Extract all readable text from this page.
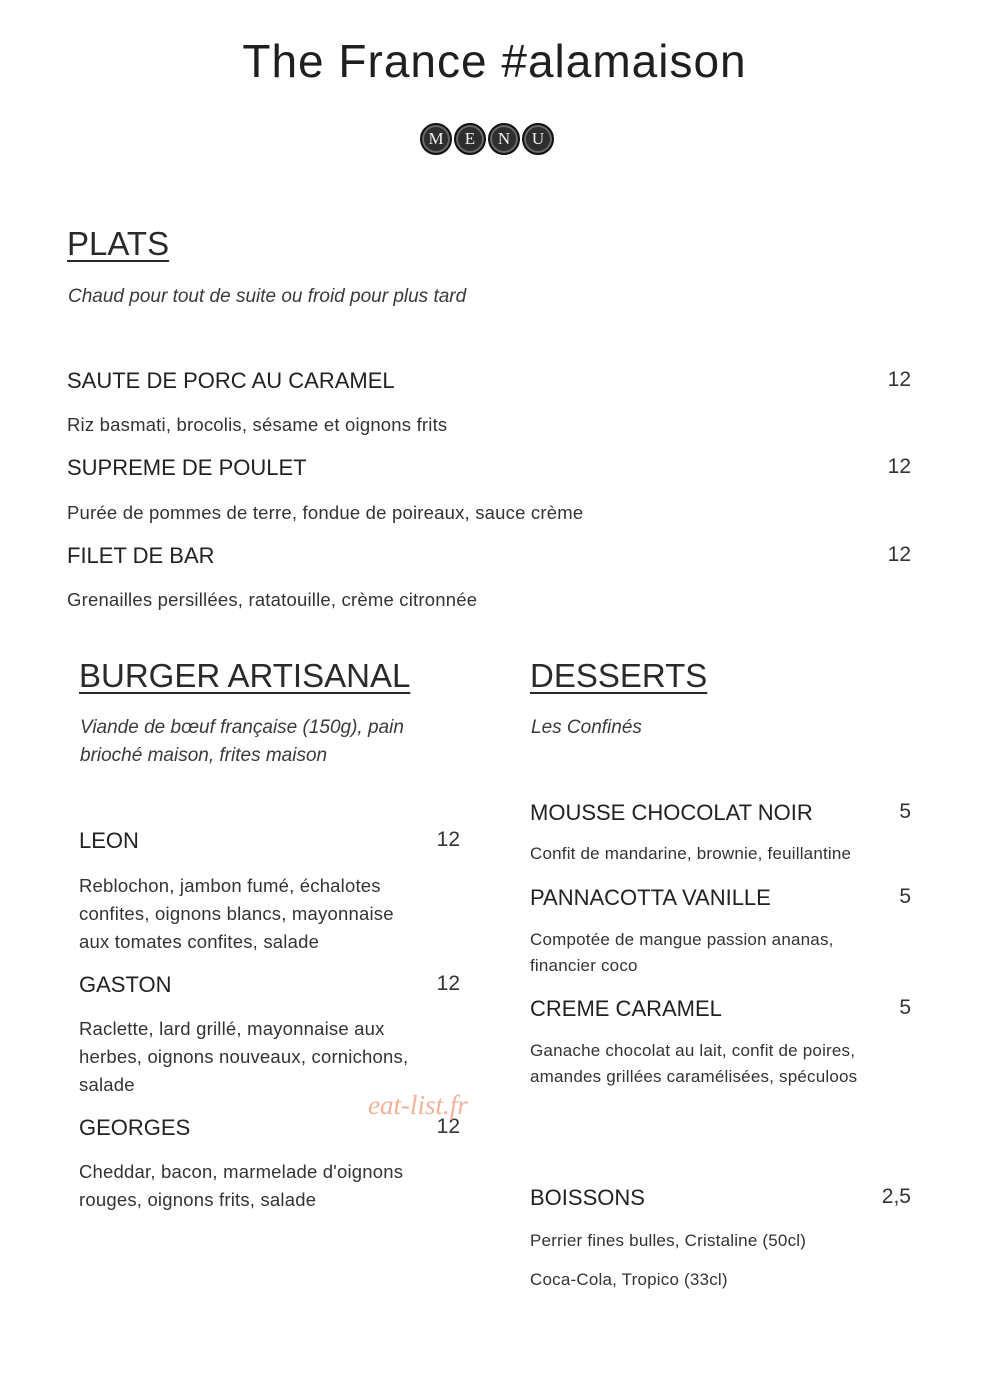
The France #alamaison
M	E	N	U
PLATS
Chaud pour tout de suite ou froid pour plus tard
SAUTE DE PORC AU CARAMEL	12
Riz basmati, brocolis, sésame et oignons frits
SUPREME DE POULET	12
Purée de pommes de terre, fondue de poireaux, sauce crème
FILET DE BAR	12
Grenailles persillées, ratatouille, crème citronnée
BURGER ARTISANAL
Viande de bœuf française (150g), pain
brioché maison, frites maison
LEON	12
Reblochon, jambon fumé, échalotes
confites, oignons blancs, mayonnaise
aux tomates confites, salade
GASTON	12
Raclette, lard grillé, mayonnaise aux
herbes, oignons nouveaux, cornichons,
salade
GEORGES	12
Cheddar, bacon, marmelade d'oignons
rouges, oignons frits, salade
DESSERTS
Les Confinés
MOUSSE CHOCOLAT NOIR	5
Confit de mandarine, brownie, feuillantine
PANNACOTTA VANILLE	5
Compotée de mangue passion ananas,
financier coco
CREME CARAMEL	5
Ganache chocolat au lait, confit de poires,
amandes grillées caramélisées, spéculoos
BOISSONS	2,5
Perrier fines bulles, Cristaline (50cl)
Coca-Cola, Tropico (33cl)
eat-list.fr
